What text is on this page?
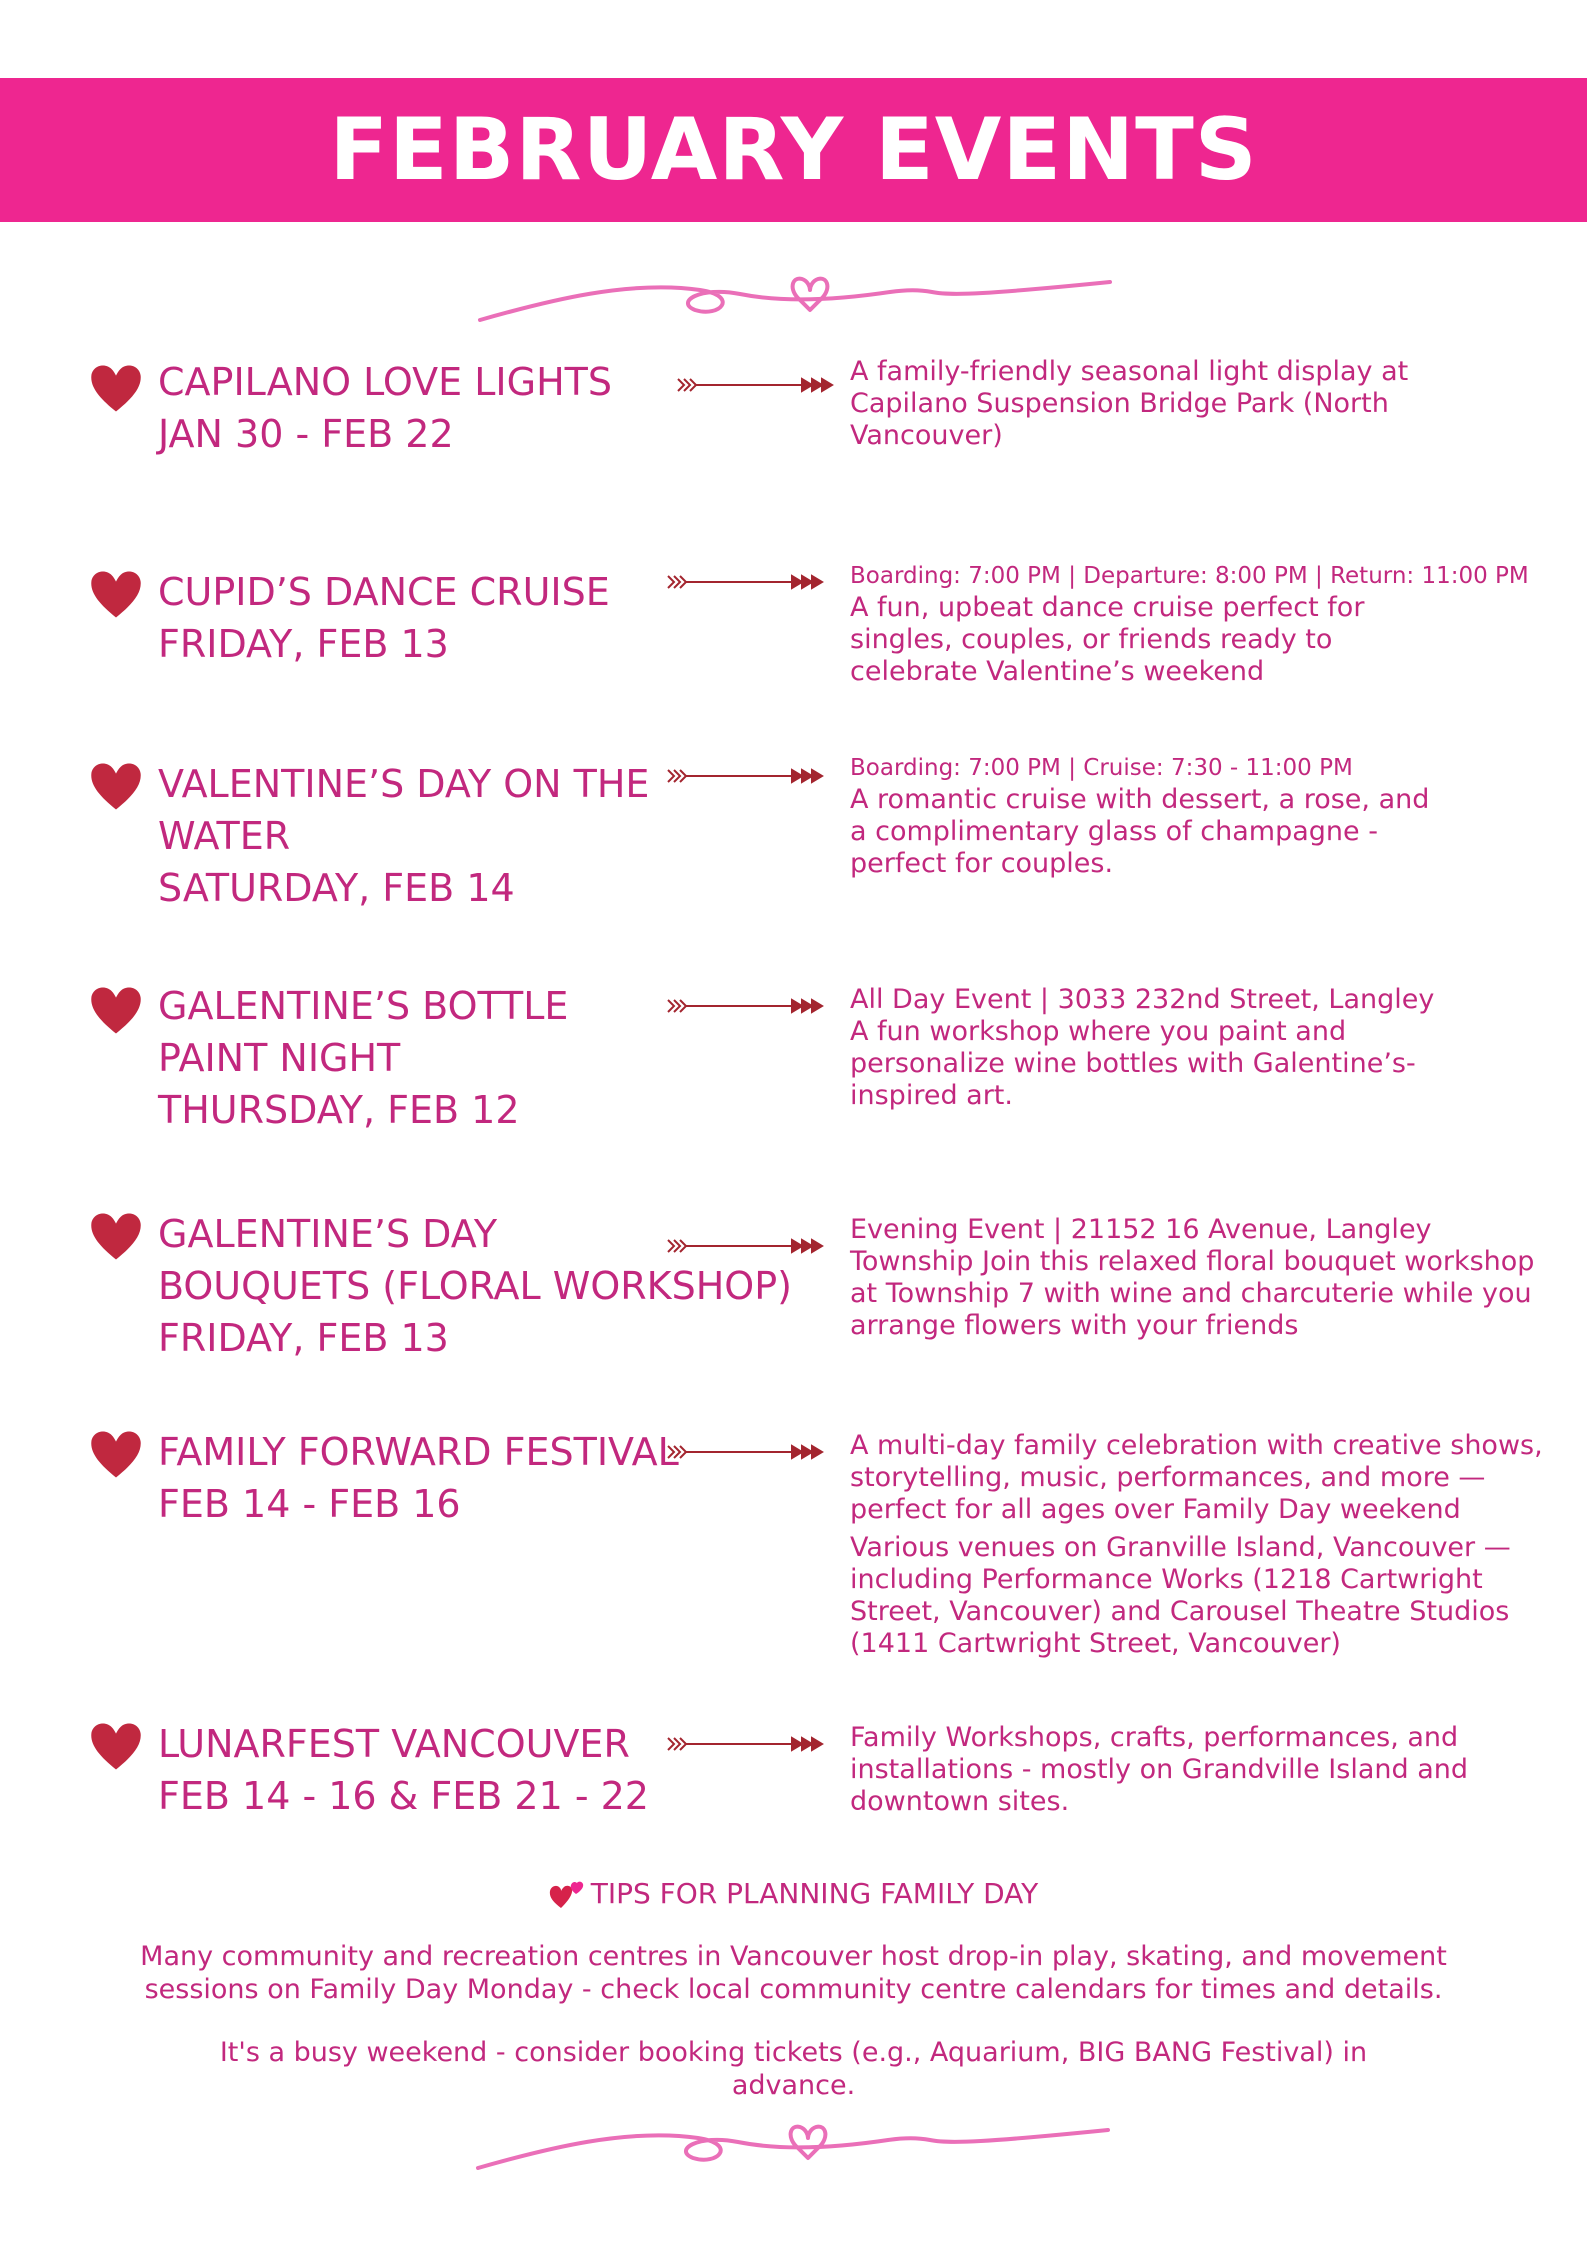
FEBRUARY EVENTS
CAPILANO LOVE LIGHTS
JAN 30 - FEB 22
A family-friendly seasonal light display at Capilano Suspension Bridge Park (North Vancouver)
CUPID’S DANCE CRUISE
FRIDAY, FEB 13
Boarding: 7:00 PM | Departure: 8:00 PM | Return: 11:00 PM
A fun, upbeat dance cruise perfect for singles, couples, or friends ready to celebrate Valentine’s weekend
VALENTINE’S DAY ON THE
WATER
SATURDAY, FEB 14
Boarding: 7:00 PM | Cruise: 7:30 - 11:00 PM
A romantic cruise with dessert, a rose, and a complimentary glass of champagne - perfect for couples.
GALENTINE’S BOTTLE
PAINT NIGHT
THURSDAY, FEB 12
All Day Event | 3033 232nd Street, Langley A fun workshop where you paint and personalize wine bottles with Galentine’s-inspired art.
GALENTINE’S DAY
BOUQUETS (FLORAL WORKSHOP)
FRIDAY, FEB 13
Evening Event | 21152 16 Avenue, Langley Township Join this relaxed floral bouquet workshop at Township 7 with wine and charcuterie while you arrange flowers with your friends
FAMILY FORWARD FESTIVAL
FEB 14 - FEB 16
A multi-day family celebration with creative shows, storytelling, music, performances, and more — perfect for all ages over Family Day weekend
Various venues on Granville Island, Vancouver — including Performance Works (1218 Cartwright Street, Vancouver) and Carousel Theatre Studios (1411 Cartwright Street, Vancouver)
LUNARFEST VANCOUVER
FEB 14 - 16 & FEB 21 - 22
Family Workshops, crafts, performances, and installations - mostly on Grandville Island and downtown sites.
TIPS FOR PLANNING FAMILY DAY
Many community and recreation centres in Vancouver host drop-in play, skating, and movement sessions on Family Day Monday - check local community centre calendars for times and details.
It's a busy weekend - consider booking tickets (e.g., Aquarium, BIG BANG Festival) in advance.
